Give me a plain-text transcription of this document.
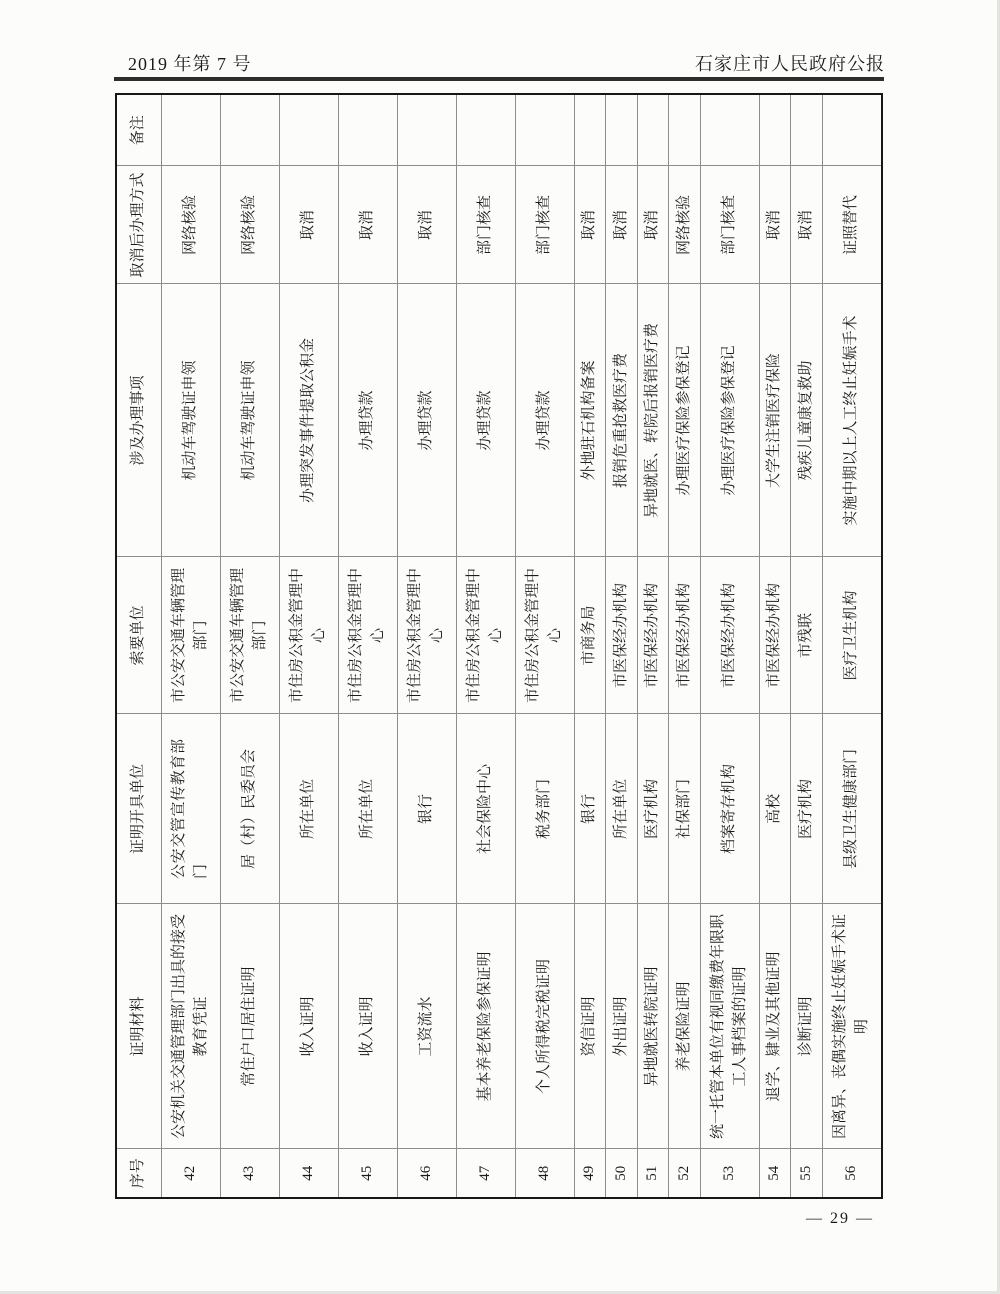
2019 年第 7 号	石家庄市人民政府公报
序号	证明材料	证明开具单位	索要单位	涉及办理事项	取消后办理方式	备注
42	公安机关交通管理部门出具的接受教育凭证	公安交管宣传教育部门	市公安交通车辆管理部门	机动车驾驶证申领	网络核验	
43	常住户口居住证明	居（村）民委员会	市公安交通车辆管理部门	机动车驾驶证申领	网络核验	
44	收入证明	所在单位	市住房公积金管理中心	办理突发事件提取公积金	取消	
45	收入证明	所在单位	市住房公积金管理中心	办理贷款	取消	
46	工资流水	银行	市住房公积金管理中心	办理贷款	取消	
47	基本养老保险参保证明	社会保险中心	市住房公积金管理中心	办理贷款	部门核查	
48	个人所得税完税证明	税务部门	市住房公积金管理中心	办理贷款	部门核查	
49	资信证明	银行	市商务局	外地驻石机构备案	取消	
50	外出证明	所在单位	市医保经办机构	报销危重抢救医疗费	取消	
51	异地就医转院证明	医疗机构	市医保经办机构	异地就医、转院后报销医疗费	取消	
52	养老保险证明	社保部门	市医保经办机构	办理医疗保险参保登记	网络核验	
53	统一托管本单位有视同缴费年限职工人事档案的证明	档案寄存机构	市医保经办机构	办理医疗保险参保登记	部门核查	
54	退学、肄业及其他证明	高校	市医保经办机构	大学生注销医疗保险	取消	
55	诊断证明	医疗机构	市残联	残疾儿童康复救助	取消	
56	因离异、丧偶实施终止妊娠手术证明	县级卫生健康部门	医疗卫生机构	实施中期以上人工终止妊娠手术	证照替代	
— 29 —
